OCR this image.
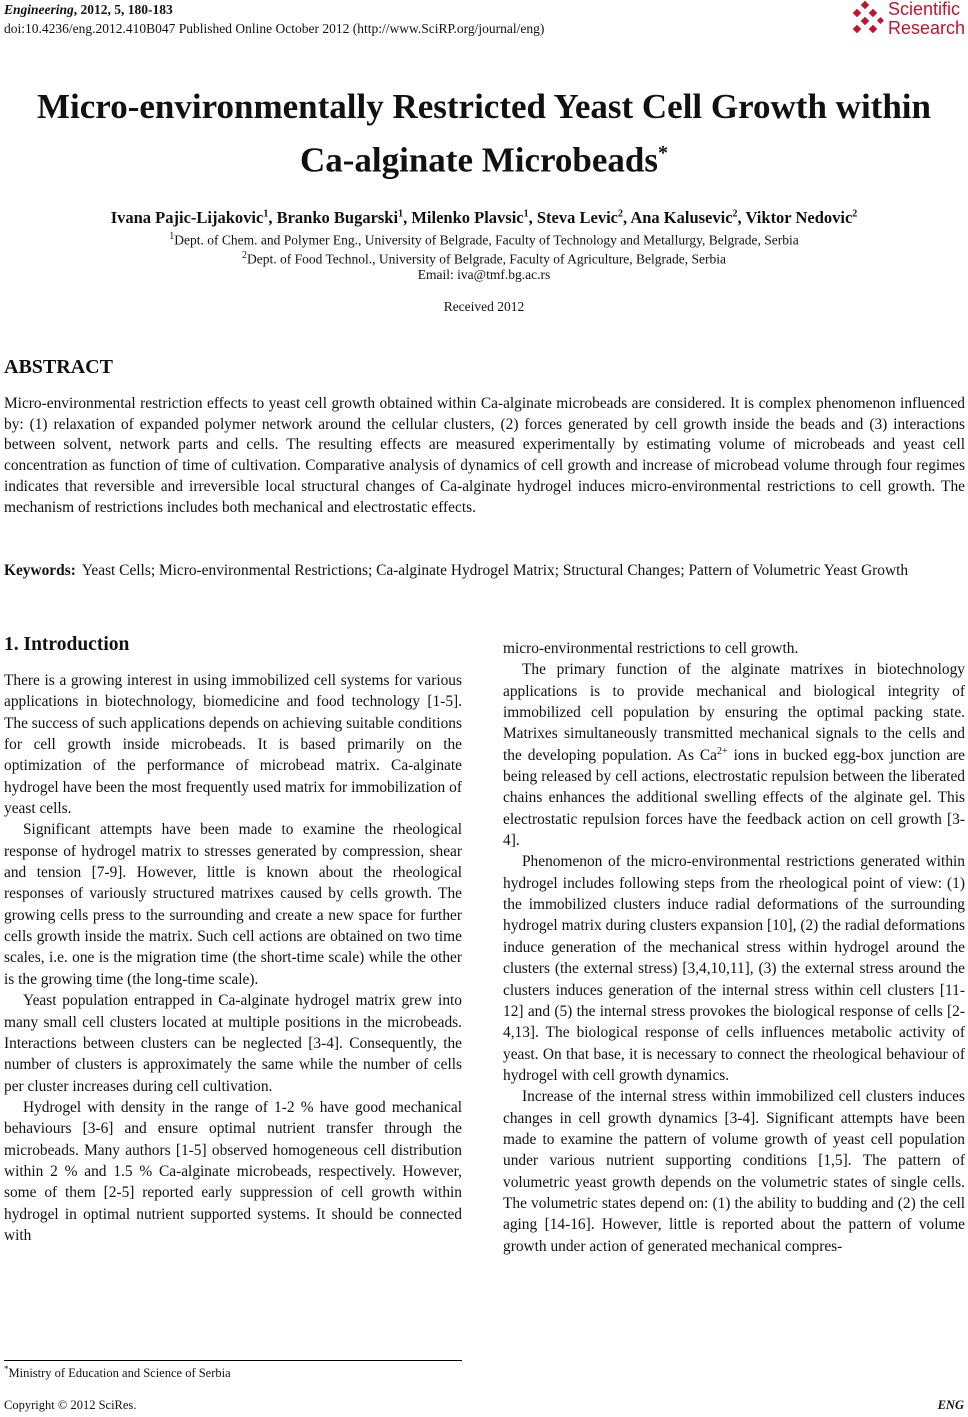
Engineering, 2012, 5, 180-183
doi:10.4236/eng.2012.410B047 Published Online October 2012 (http://www.SciRP.org/journal/eng)
Scientific
Research
Micro-environmentally Restricted Yeast Cell Growth within
Ca-alginate Microbeads*
Ivana Pajic-Lijakovic$^1$, Branko Bugarski$^1$, Milenko Plavsic$^1$, Steva Levic$^2$, Ana Kalusevic$^2$, Viktor Nedovic$^2$
$^1$Dept. of Chem. and Polymer Eng., University of Belgrade, Faculty of Technology and Metallurgy, Belgrade, Serbia
$^2$Dept. of Food Technol., University of Belgrade, Faculty of Agriculture, Belgrade, Serbia
Email: iva@tmf.bg.ac.rs
Received 2012
ABSTRACT
Micro-environmental restriction effects to yeast cell growth obtained within Ca-alginate microbeads are considered. It is complex phenomenon influenced by: (1) relaxation of expanded polymer network around the cellular clusters, (2) forces generated by cell growth inside the beads and (3) interactions between solvent, network parts and cells. The resulting effects are measured experimentally by estimating volume of microbeads and yeast cell concentration as function of time of cultivation. Comparative analysis of dynamics of cell growth and increase of microbead volume through four regimes indicates that reversible and irreversible local structural changes of Ca-alginate hydrogel induces micro-environmental restrictions to cell growth. The mechanism of restrictions includes both mechanical and electrostatic effects.
Keywords: Yeast Cells; Micro-environmental Restrictions; Ca-alginate Hydrogel Matrix; Structural Changes; Pattern of Volumetric Yeast Growth
1. Introduction

There is a growing interest in using immobilized cell systems for various applications in biotechnology, biomedicine and food technology [1-5]. The success of such applications depends on achieving suitable conditions for cell growth inside microbeads. It is based primarily on the optimization of the performance of microbead matrix. Ca-alginate hydrogel have been the most frequently used matrix for immobilization of yeast cells.

Significant attempts have been made to examine the rheological response of hydrogel matrix to stresses generated by compression, shear and tension [7-9]. However, little is known about the rheological responses of variously structured matrixes caused by cells growth. The growing cells press to the surrounding and create a new space for further cells growth inside the matrix. Such cell actions are obtained on two time scales, i.e. one is the migration time (the short-time scale) while the other is the growing time (the long-time scale).

Yeast population entrapped in Ca-alginate hydrogel matrix grew into many small cell clusters located at multiple positions in the microbeads. Interactions between clusters can be neglected [3-4]. Consequently, the number of clusters is approximately the same while the number of cells per cluster increases during cell cultivation.

Hydrogel with density in the range of 1-2 % have good mechanical behaviours [3-6] and ensure optimal nutrient transfer through the microbeads. Many authors [1-5] observed homogeneous cell distribution within 2 % and 1.5 % Ca-alginate microbeads, respectively. However, some of them [2-5] reported early suppression of cell growth within hydrogel in optimal nutrient supported systems. It should be connected with

micro-environmental restrictions to cell growth.

The primary function of the alginate matrixes in biotechnology applications is to provide mechanical and biological integrity of immobilized cell population by ensuring the optimal packing state. Matrixes simultaneously transmitted mechanical signals to the cells and the developing population. As $Ca^{2+}$ ions in bucked egg-box junction are being released by cell actions, electrostatic repulsion between the liberated chains enhances the additional swelling effects of the alginate gel. This electrostatic repulsion forces have the feedback action on cell growth [3-4].

Phenomenon of the micro-environmental restrictions generated within hydrogel includes following steps from the rheological point of view: (1) the immobilized clusters induce radial deformations of the surrounding hydrogel matrix during clusters expansion [10], (2) the radial deformations induce generation of the mechanical stress within hydrogel around the clusters (the external stress) [3,4,10,11], (3) the external stress around the clusters induces generation of the internal stress within cell clusters [11-12] and (5) the internal stress provokes the biological response of cells [2-4,13]. The biological response of cells influences metabolic activity of yeast. On that base, it is necessary to connect the rheological behaviour of hydrogel with cell growth dynamics.

Increase of the internal stress within immobilized cell clusters induces changes in cell growth dynamics [3-4]. Significant attempts have been made to examine the pattern of volume growth of yeast cell population under various nutrient supporting conditions [1,5]. The pattern of volumetric yeast growth depends on the volumetric states of single cells. The volumetric states depend on: (1) the ability to budding and (2) the cell aging [14-16]. However, little is reported about the pattern of volume growth under action of generated mechanical compres-

*Ministry of Education and Science of Serbia
Copyright © 2012 SciRes.	ENG
